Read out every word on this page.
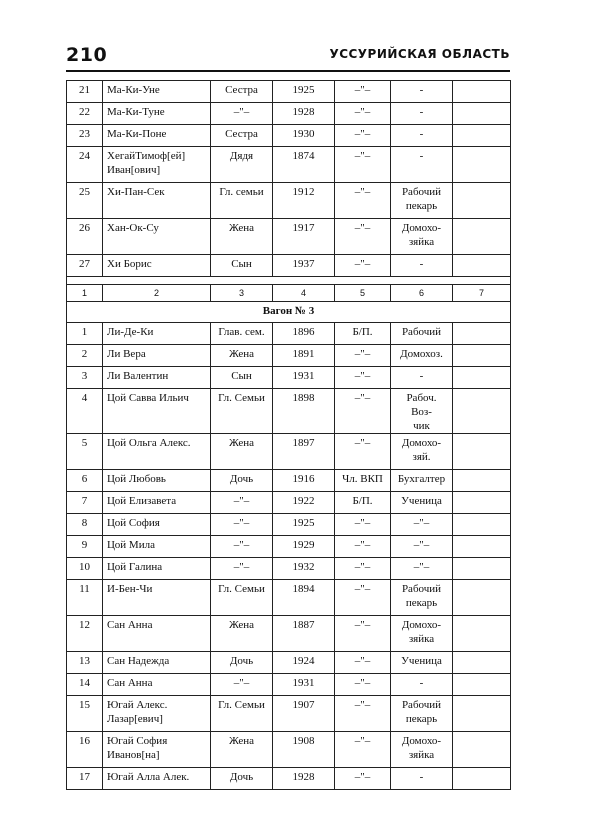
210	УССУРИЙСКАЯ ОБЛАСТЬ
21	Ма-Ки-Уне	Сестра	1925	–"–	-	
22	Ма-Ки-Туне	–"–	1928	–"–	-	
23	Ма-Ки-Поне	Сестра	1930	–"–	-	
24	ХегайТимоф[ей]
Иван[ович]	Дядя	1874	–"–	-	
25	Хи-Пан-Сек	Гл. семьи	1912	–"–	Рабочий
пекарь	
26	Хан-Ок-Су	Жена	1917	–"–	Домохо-
зяйка	
27	Хи Борис	Сын	1937	–"–	-	

1	2	3	4	5	6	7
Вагон № 3						
1	Ли-Де-Ки	Глав. сем.	1896	Б/П.	Рабочий	
2	Ли Вера	Жена	1891	–"–	Домохоз.	
3	Ли Валентин	Сын	1931	–"–	-	
4	Цой Савва Ильич	Гл. Семьи	1898	–"–	Рабоч. Воз-
чик	
5	Цой Ольга Алекс.	Жена	1897	–"–	Домохо-
зяй.	
6	Цой Любовь	Дочь	1916	Чл. ВКП	Бухгалтер	
7	Цой Елизавета	–"–	1922	Б/П.	Ученица	
8	Цой София	–"–	1925	–"–	–"–	
9	Цой Мила	–"–	1929	–"–	–"–	
10	Цой Галина	–"–	1932	–"–	–"–	
11	И-Бен-Чи	Гл. Семьи	1894	–"–	Рабочий
пекарь	
12	Сан Анна	Жена	1887	–"–	Домохо-
зяйка	
13	Сан Надежда	Дочь	1924	–"–	Ученица	
14	Сан Анна	–"–	1931	–"–	-	
15	Югай Алекс.
Лазар[евич]	Гл. Семьи	1907	–"–	Рабочий
пекарь	
16	Югай София
Иванов[на]	Жена	1908	–"–	Домохо-
зяйка	
17	Югай Алла Алек.	Дочь	1928	–"–	-	
